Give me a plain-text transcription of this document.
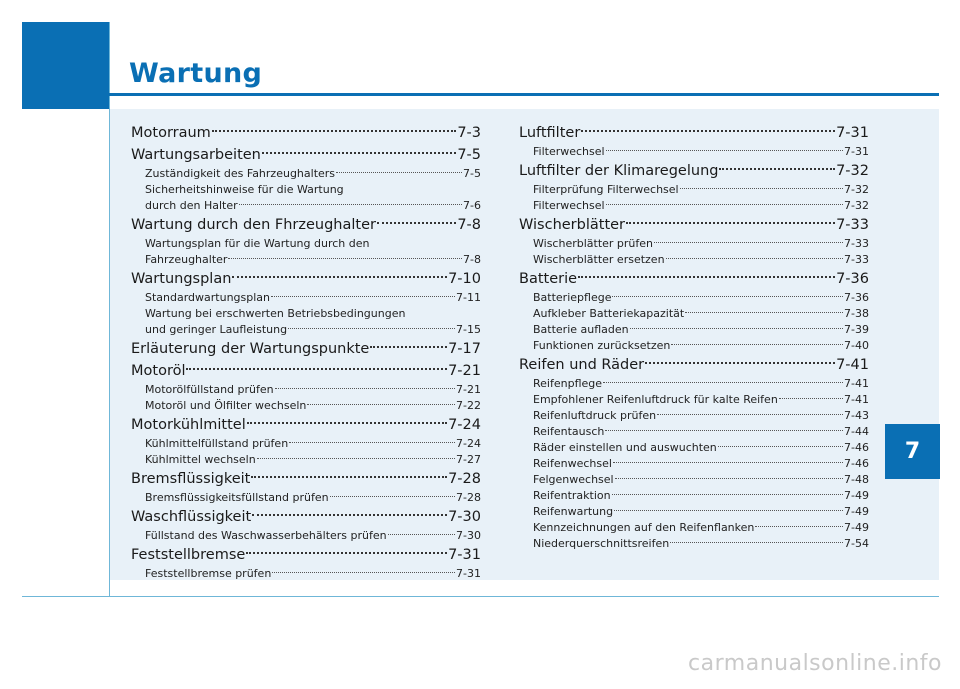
Wartung
Motorraum	7-3
Wartungsarbeiten	7-5
Zuständigkeit des Fahrzeughalters	7-5
Sicherheitshinweise für die Wartung
durch den Halter	7-6
Wartung durch den Fhrzeughalter	7-8
Wartungsplan für die Wartung durch den
Fahrzeughalter	7-8
Wartungsplan	7-10
Standardwartungsplan	7-11
Wartung bei erschwerten Betriebsbedingungen
und geringer Laufleistung	7-15
Erläuterung der Wartungspunkte	7-17
Motoröl	7-21
Motorölfüllstand prüfen	7-21
Motoröl und Ölfilter wechseln	7-22
Motorkühlmittel	7-24
Kühlmittelfüllstand prüfen	7-24
Kühlmittel wechseln	7-27
Bremsflüssigkeit	7-28
Bremsflüssigkeitsfüllstand prüfen	7-28
Waschflüssigkeit	7-30
Füllstand des Waschwasserbehälters prüfen	7-30
Feststellbremse	7-31
Feststellbremse prüfen	7-31
Luftfilter	7-31
Filterwechsel	7-31
Luftfilter der Klimaregelung	7-32
Filterprüfung Filterwechsel	7-32
Filterwechsel	7-32
Wischerblätter	7-33
Wischerblätter prüfen	7-33
Wischerblätter ersetzen	7-33
Batterie	7-36
Batteriepflege	7-36
Aufkleber Batteriekapazität	7-38
Batterie aufladen	7-39
Funktionen zurücksetzen	7-40
Reifen und Räder	7-41
Reifenpflege	7-41
Empfohlener Reifenluftdruck für kalte Reifen	7-41
Reifenluftdruck prüfen	7-43
Reifentausch	7-44
Räder einstellen und auswuchten	7-46
Reifenwechsel	7-46
Felgenwechsel	7-48
Reifentraktion	7-49
Reifenwartung	7-49
Kennzeichnungen auf den Reifenflanken	7-49
Niederquerschnittsreifen	7-54
7
carmanualsonline.info
